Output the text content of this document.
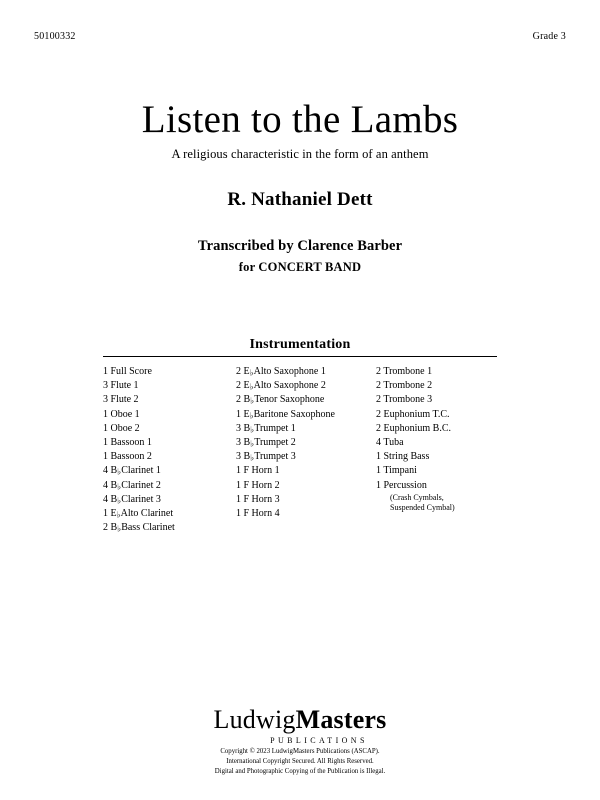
50100332	Grade 3
Listen to the Lambs
A religious characteristic in the form of an anthem
R. Nathaniel Dett
Transcribed by Clarence Barber
for CONCERT BAND
Instrumentation
1 Full Score
3 Flute 1
3 Flute 2
1 Oboe 1
1 Oboe 2
1 Bassoon 1
1 Bassoon 2
4 $B_♭Clarinet$ 1
4 $B_♭Clarinet$ 2
4 $B_♭Clarinet$ 3
1 $E_♭Alto$ Clarinet
2 $B_♭Bass$ Clarinet
2 $E_♭Alto$ Saxophone 1
2 $E_♭Alto$ Saxophone 2
2 $B_♭Tenor$ Saxophone
1 $E_♭Baritone$ Saxophone
3 $B_♭Trumpet$ 1
3 $B_♭Trumpet$ 2
3 $B_♭Trumpet$ 3
1 F Horn 1
1 F Horn 2
1 F Horn 3
1 F Horn 4
2 Trombone 1
2 Trombone 2
2 Trombone 3
2 Euphonium T.C.
2 Euphonium B.C.
4 Tuba
1 String Bass
1 Timpani
1 Percussion
(Crash Cymbals,
Suspended Cymbal)
LudwigMasters
PUBLICATIONS
Copyright © 2023 LudwigMasters Publications (ASCAP).
International Copyright Secured. All Rights Reserved.
Digital and Photographic Copying of the Publication is Illegal.
